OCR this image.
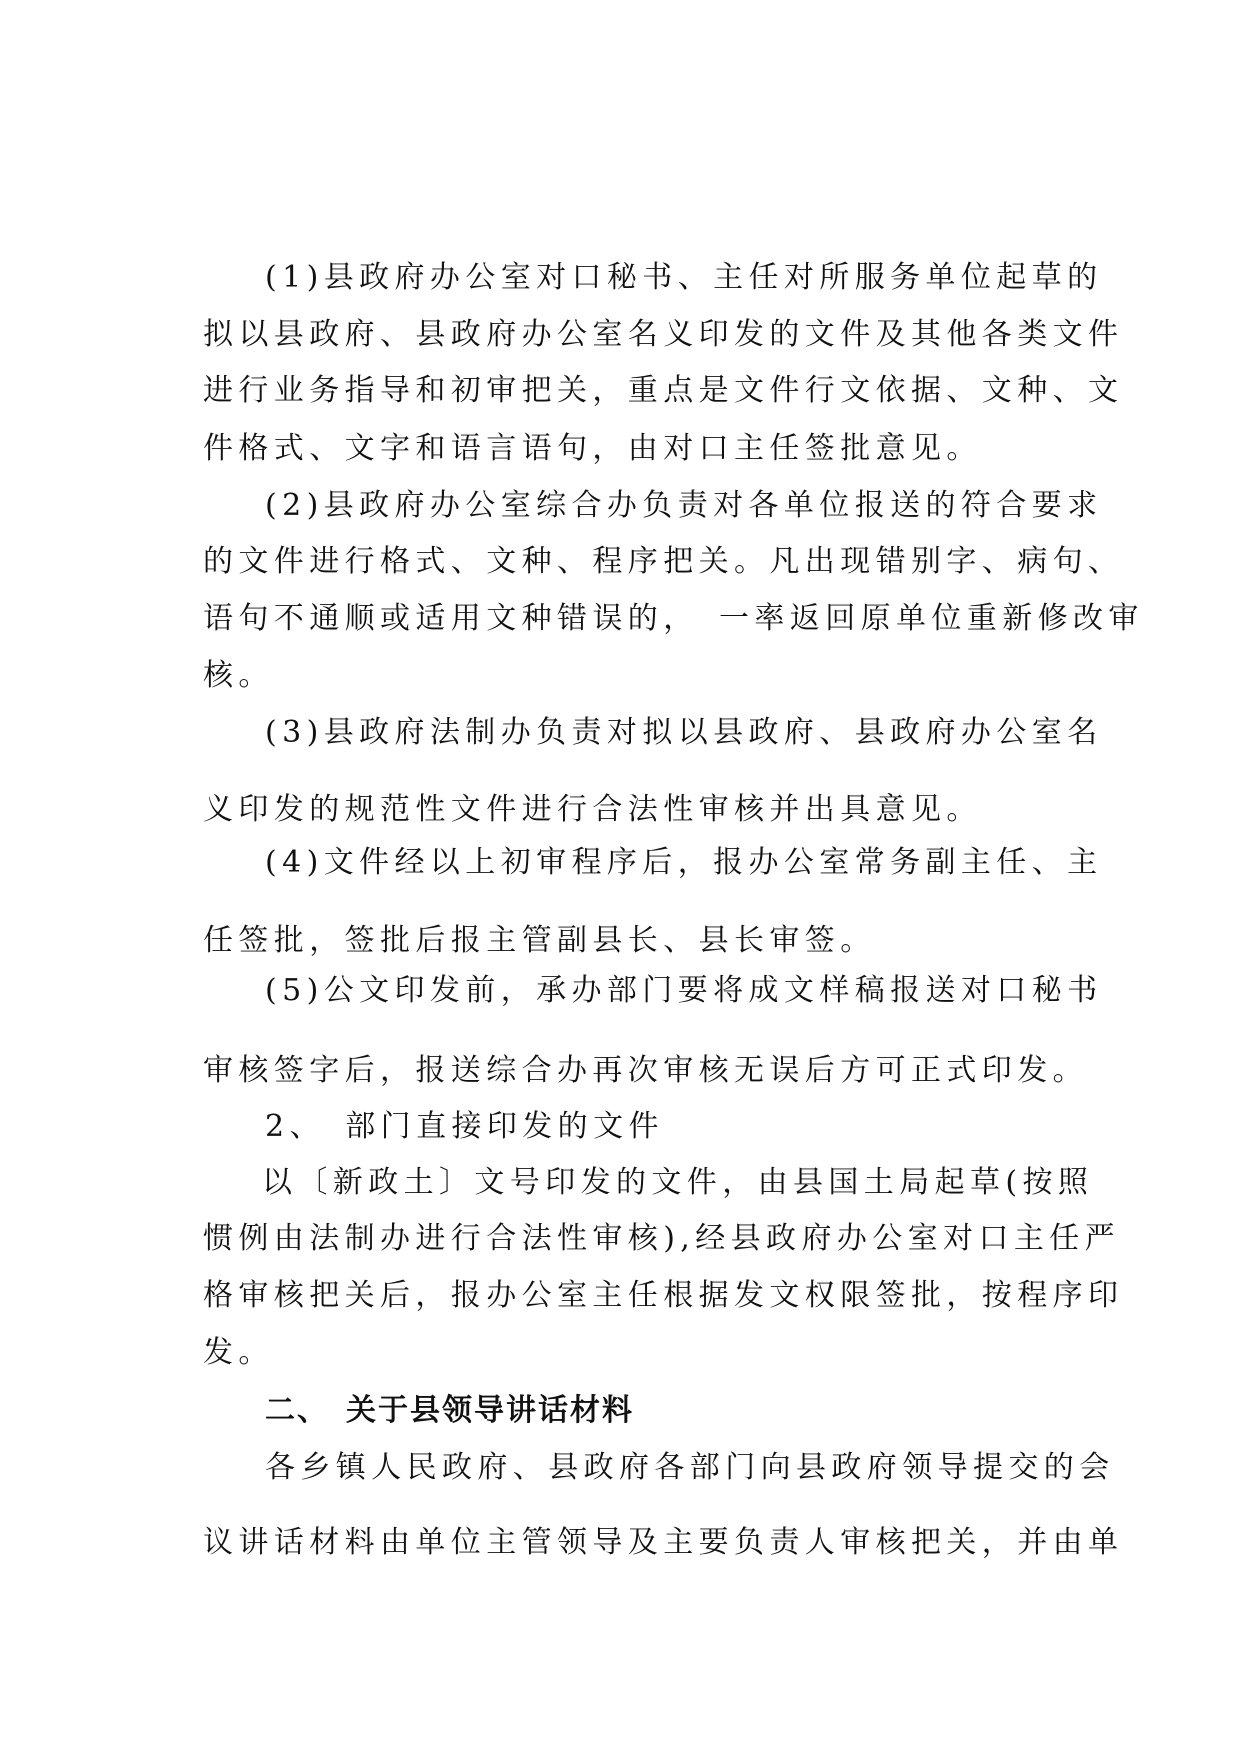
(1)县政府办公室对口秘书、主任对所服务单位起草的
拟以县政府、县政府办公室名义印发的文件及其他各类文件
进行业务指导和初审把关，重点是文件行文依据、文种、文
件格式、文字和语言语句，由对口主任签批意见。
(2)县政府办公室综合办负责对各单位报送的符合要求
的文件进行格式、文种、程序把关。凡出现错别字、病句、
语句不通顺或适用文种错误的，　一率返回原单位重新修改审
核。
(3)县政府法制办负责对拟以县政府、县政府办公室名
义印发的规范性文件进行合法性审核并出具意见。
(4)文件经以上初审程序后，报办公室常务副主任、主
任签批，签批后报主管副县长、县长审签。
(5)公文印发前，承办部门要将成文样稿报送对口秘书
审核签字后，报送综合办再次审核无误后方可正式印发。
2、　部门直接印发的文件
以〔新政土〕文号印发的文件，由县国土局起草(按照
惯例由法制办进行合法性审核),经县政府办公室对口主任严
格审核把关后，报办公室主任根据发文权限签批，按程序印
发。
二、　关于县领导讲话材料
各乡镇人民政府、县政府各部门向县政府领导提交的会
议讲话材料由单位主管领导及主要负责人审核把关，并由单
